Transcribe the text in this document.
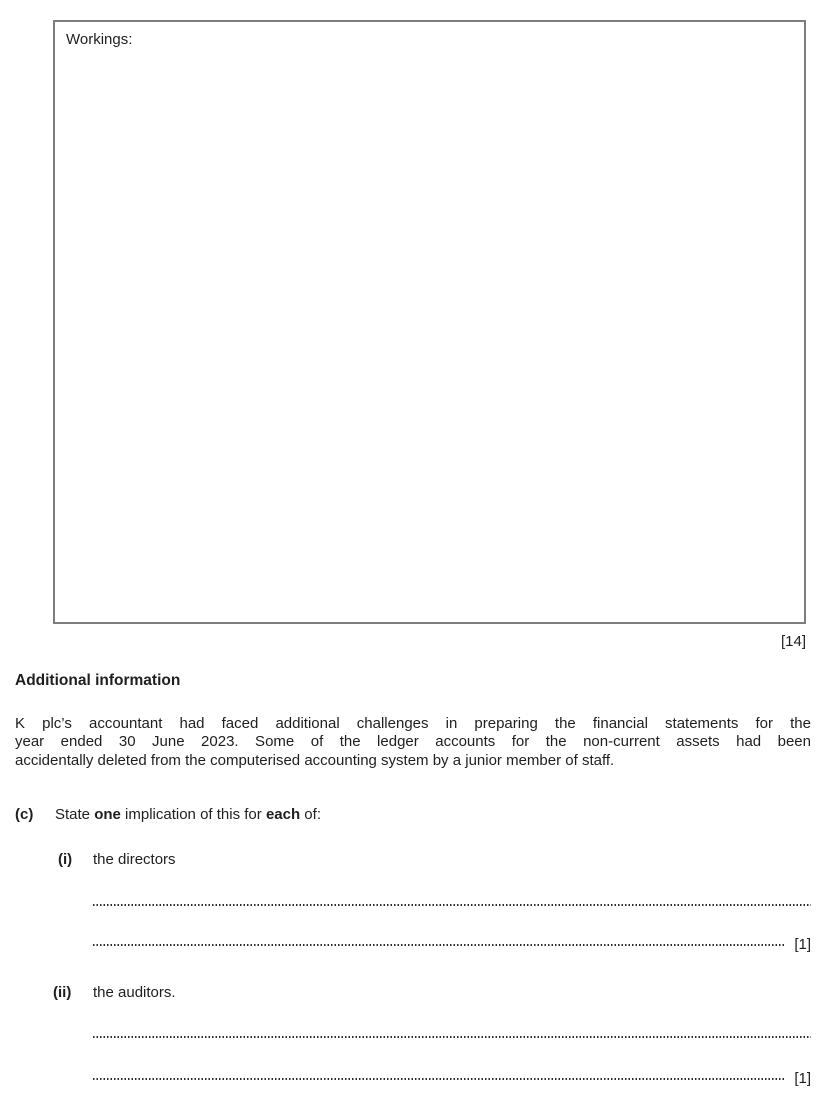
Workings:
[14]
Additional information
K plc’s accountant had faced additional challenges in preparing the financial statements for the
year ended 30 June 2023. Some of the ledger accounts for the non-current assets had been
accidentally deleted from the computerised accounting system by a junior member of staff.
(c) State one implication of this for each of:
(i) the directors
[1]
(ii) the auditors.
[1]
